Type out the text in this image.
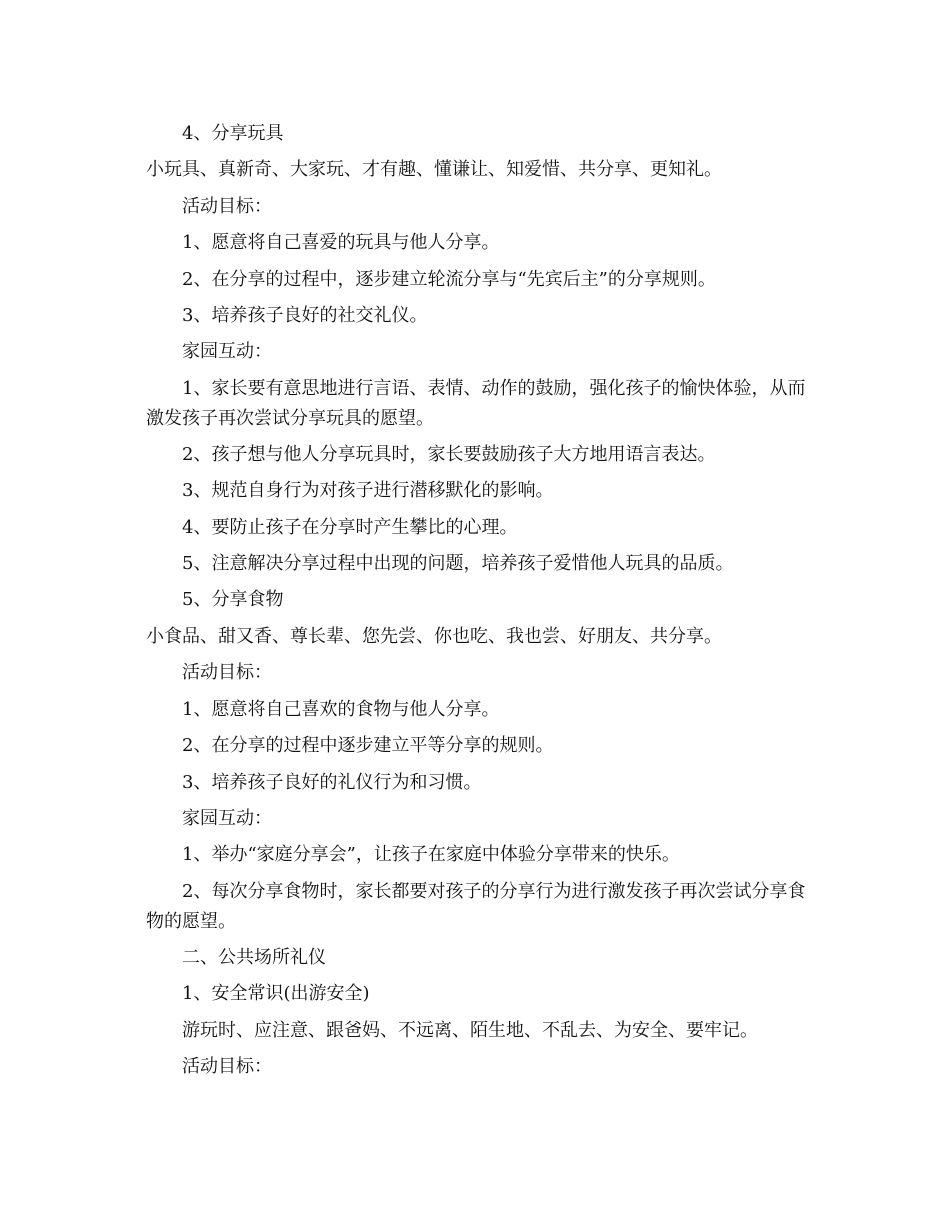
4、分享玩具

小玩具、真新奇、大家玩、才有趣、懂谦让、知爱惜、共分享、更知礼。

活动目标：

1、愿意将自己喜爱的玩具与他人分享。

2、在分享的过程中，逐步建立轮流分享与“先宾后主”的分享规则。

3、培养孩子良好的社交礼仪。

家园互动：

1、家长要有意思地进行言语、表情、动作的鼓励，强化孩子的愉快体验，从而激发孩子再次尝试分享玩具的愿望。

2、孩子想与他人分享玩具时，家长要鼓励孩子大方地用语言表达。

3、规范自身行为对孩子进行潜移默化的影响。

4、要防止孩子在分享时产生攀比的心理。

5、注意解决分享过程中出现的问题，培养孩子爱惜他人玩具的品质。

5、分享食物

小食品、甜又香、尊长辈、您先尝、你也吃、我也尝、好朋友、共分享。

活动目标：

1、愿意将自己喜欢的食物与他人分享。

2、在分享的过程中逐步建立平等分享的规则。

3、培养孩子良好的礼仪行为和习惯。

家园互动：

1、举办“家庭分享会”，让孩子在家庭中体验分享带来的快乐。

2、每次分享食物时，家长都要对孩子的分享行为进行激发孩子再次尝试分享食物的愿望。

二、公共场所礼仪

1、安全常识(出游安全)

游玩时、应注意、跟爸妈、不远离、陌生地、不乱去、为安全、要牢记。

活动目标：
